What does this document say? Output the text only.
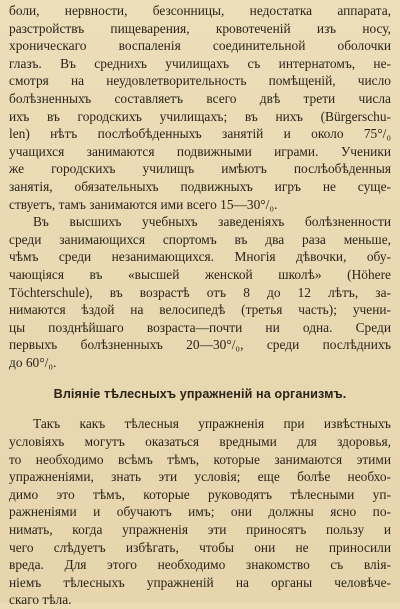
боли, нервности, безсонницы, недостатка аппарата,
разстройствъ пищеварения, кровотеченій изъ носу,
хроническаго воспаленія соединительной оболочки
глазъ. Въ среднихъ училищахъ съ интернатомъ, не-
смотря на неудовлетворительность помѣщеній, число
болѣзненныхъ составляетъ всего двѣ трети числа
ихъ въ городскихъ училищахъ; въ нихъ (Bürgerschu-
len) нѣтъ послѣобѣденныхъ занятій и около 75°/₀
учащихся занимаются подвижными играми. Ученики
же городскихъ училищъ имѣютъ послѣобѣденныя
занятія, обязательныхъ подвижныхъ игръ не суще-
ствуетъ, тамъ занимаются ими всего 15—30°/₀.

Въ высшихъ учебныхъ заведеніяхъ болѣзненности
среди занимающихся спортомъ въ два раза меньше,
чѣмъ среди незанимающихся. Многія дѣвочки, обу-
чающіяся въ «высшей женской школѣ» (Höhere
Töchterschule), въ возрастѣ отъ 8 до 12 лѣтъ, за-
нимаются ѣздой на велосипедѣ (третья часть); учени-
цы позднѣйшаго возраста—почти ни одна. Среди
первыхъ болѣзненныхъ 20—30°/₀, среди послѣднихъ
до 60°/₀.

Вліяніе тѣлесныхъ упражненій на организмъ.

Такъ какъ тѣлесныя упражненія при извѣстныхъ
условіяхъ могутъ оказаться вредными для здоровья,
то необходимо всѣмъ тѣмъ, которые занимаются этими
упражненіями, знать эти условія; еще болѣе необхо-
димо это тѣмъ, которые руководятъ тѣлесными уп-
ражненіями и обучаютъ имъ; они должны ясно по-
нимать, когда упражненія эти приносятъ пользу и
чего слѣдуетъ избѣгать, чтобы они не приносили
вреда. Для этого необходимо знакомство съ влія-
ніемъ тѣлесныхъ упражненій на органы человѣче-
скаго тѣла.
